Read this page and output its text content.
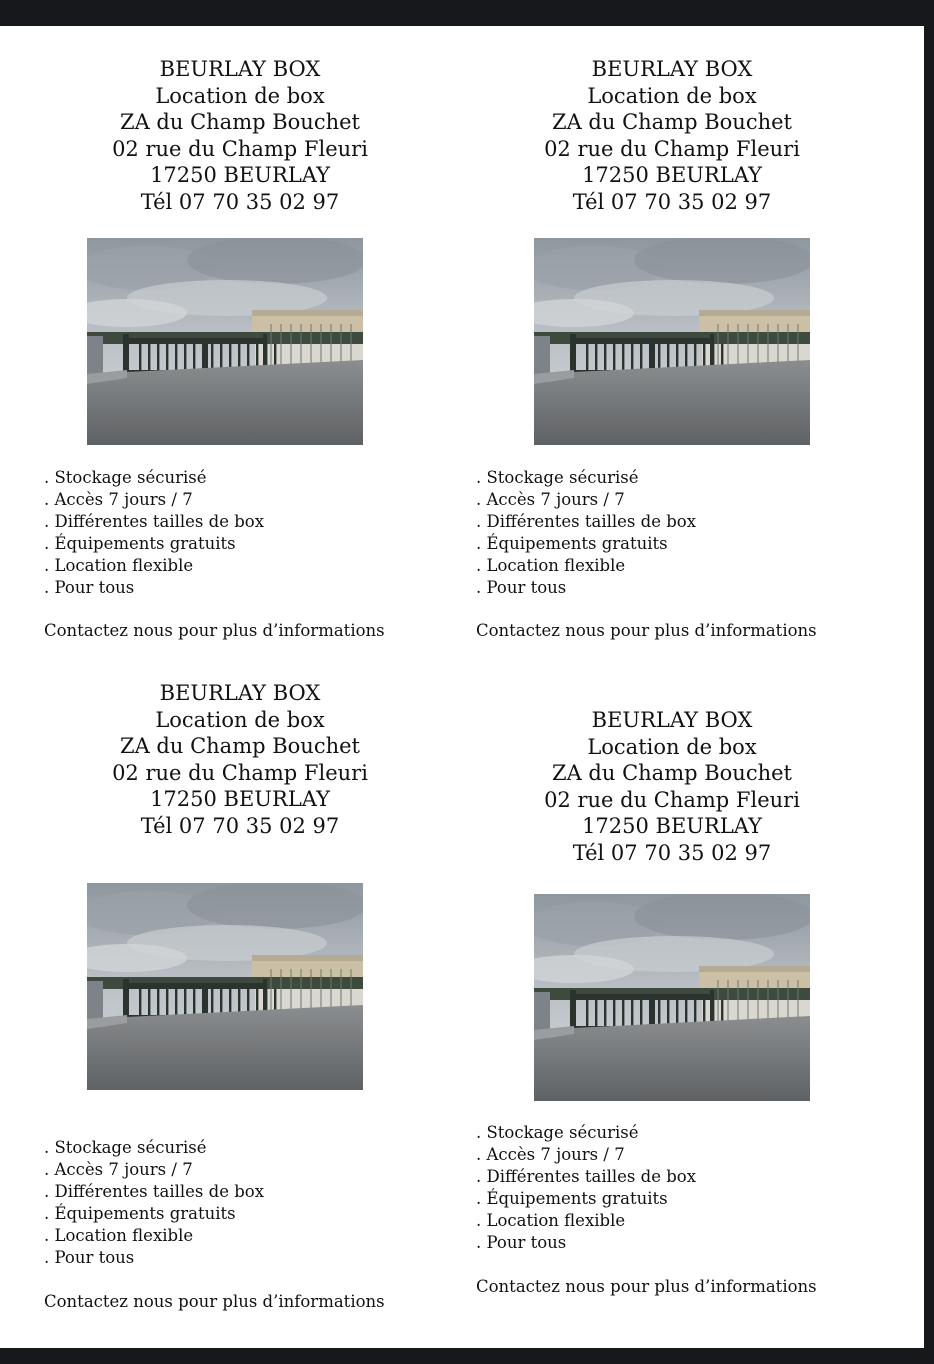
BEURLAY BOX
Location de box
ZA du Champ Bouchet
02 rue du Champ Fleuri
17250 BEURLAY
Tél 07 70 35 02 97
. Stockage sécurisé
. Accès 7 jours / 7
. Différentes tailles de box
. Équipements gratuits
. Location flexible
. Pour tous
Contactez nous pour plus d’informations
BEURLAY BOX
Location de box
ZA du Champ Bouchet
02 rue du Champ Fleuri
17250 BEURLAY
Tél 07 70 35 02 97
. Stockage sécurisé
. Accès 7 jours / 7
. Différentes tailles de box
. Équipements gratuits
. Location flexible
. Pour tous
Contactez nous pour plus d’informations
BEURLAY BOX
Location de box
ZA du Champ Bouchet
02 rue du Champ Fleuri
17250 BEURLAY
Tél 07 70 35 02 97
. Stockage sécurisé
. Accès 7 jours / 7
. Différentes tailles de box
. Équipements gratuits
. Location flexible
. Pour tous
Contactez nous pour plus d’informations
BEURLAY BOX
Location de box
ZA du Champ Bouchet
02 rue du Champ Fleuri
17250 BEURLAY
Tél 07 70 35 02 97
. Stockage sécurisé
. Accès 7 jours / 7
. Différentes tailles de box
. Équipements gratuits
. Location flexible
. Pour tous
Contactez nous pour plus d’informations
